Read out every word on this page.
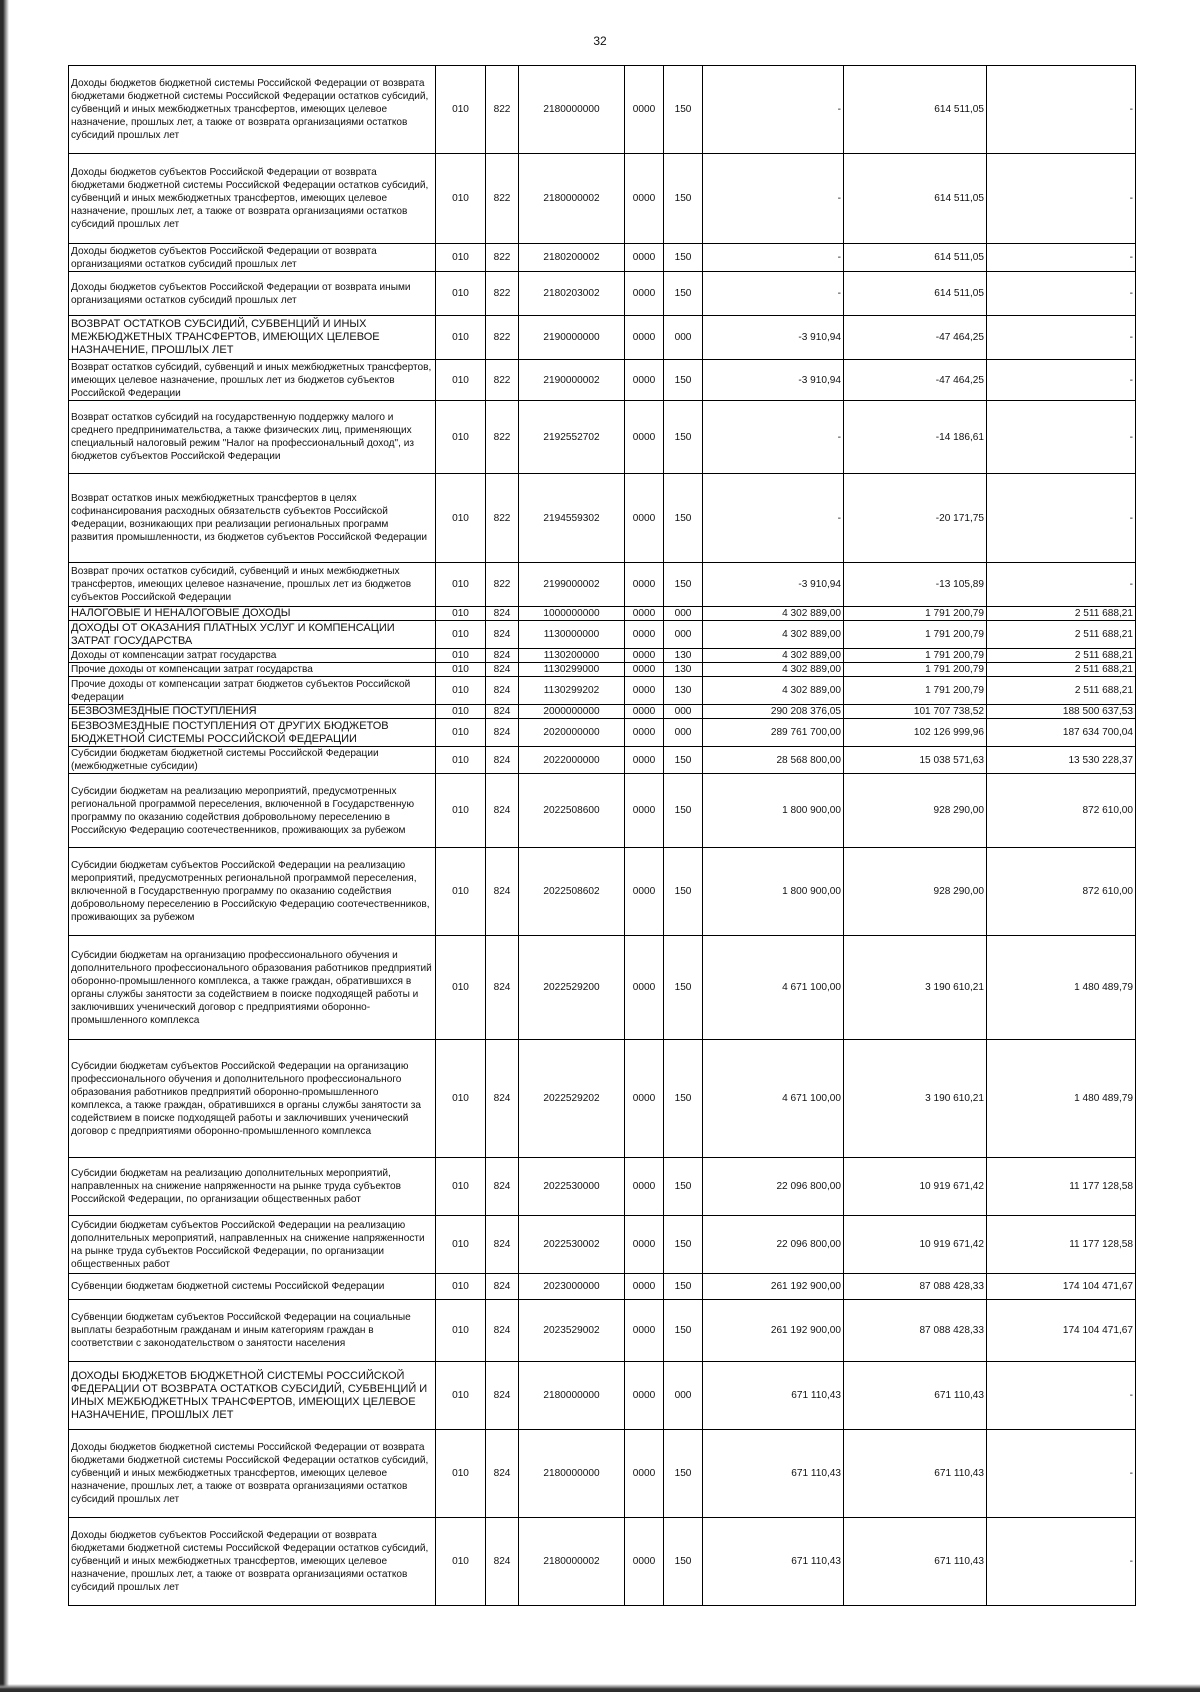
32
Доходы бюджетов бюджетной системы Российской Федерации от возврата бюджетами бюджетной системы Российской Федерации остатков субсидий, субвенций и иных межбюджетных трансфертов, имеющих целевое назначение, прошлых лет, а также от возврата организациями остатков субсидий прошлых лет	010	822	2180000000	0000	150	-	614 511,05	-
Доходы бюджетов субъектов Российской Федерации от возврата бюджетами бюджетной системы Российской Федерации остатков субсидий, субвенций и иных межбюджетных трансфертов, имеющих целевое назначение, прошлых лет, а также от возврата организациями остатков субсидий прошлых лет	010	822	2180000002	0000	150	-	614 511,05	-
Доходы бюджетов субъектов Российской Федерации от возврата организациями остатков субсидий прошлых лет	010	822	2180200002	0000	150	-	614 511,05	-
Доходы бюджетов субъектов Российской Федерации от возврата иными организациями остатков субсидий прошлых лет	010	822	2180203002	0000	150	-	614 511,05	-
ВОЗВРАТ ОСТАТКОВ СУБСИДИЙ, СУБВЕНЦИЙ И ИНЫХ МЕЖБЮДЖЕТНЫХ ТРАНСФЕРТОВ, ИМЕЮЩИХ ЦЕЛЕВОЕ НАЗНАЧЕНИЕ, ПРОШЛЫХ ЛЕТ	010	822	2190000000	0000	000	-3 910,94	-47 464,25	-
Возврат остатков субсидий, субвенций и иных межбюджетных трансфертов, имеющих целевое назначение, прошлых лет из бюджетов субъектов Российской Федерации	010	822	2190000002	0000	150	-3 910,94	-47 464,25	-
Возврат остатков субсидий на государственную поддержку малого и среднего предпринимательства, а также физических лиц, применяющих специальный налоговый режим "Налог на профессиональный доход", из бюджетов субъектов Российской Федерации	010	822	2192552702	0000	150	-	-14 186,61	-
Возврат остатков иных межбюджетных трансфертов в целях софинансирования расходных обязательств субъектов Российской Федерации, возникающих при реализации региональных программ развития промышленности, из бюджетов субъектов Российской Федерации	010	822	2194559302	0000	150	-	-20 171,75	-
Возврат прочих остатков субсидий, субвенций и иных межбюджетных трансфертов, имеющих целевое назначение, прошлых лет из бюджетов субъектов Российской Федерации	010	822	2199000002	0000	150	-3 910,94	-13 105,89	-
НАЛОГОВЫЕ И НЕНАЛОГОВЫЕ ДОХОДЫ	010	824	1000000000	0000	000	4 302 889,00	1 791 200,79	2 511 688,21
ДОХОДЫ ОТ ОКАЗАНИЯ ПЛАТНЫХ УСЛУГ И КОМПЕНСАЦИИ ЗАТРАТ ГОСУДАРСТВА	010	824	1130000000	0000	000	4 302 889,00	1 791 200,79	2 511 688,21
Доходы от компенсации затрат государства	010	824	1130200000	0000	130	4 302 889,00	1 791 200,79	2 511 688,21
Прочие доходы от компенсации затрат государства	010	824	1130299000	0000	130	4 302 889,00	1 791 200,79	2 511 688,21
Прочие доходы от компенсации затрат бюджетов субъектов Российской Федерации	010	824	1130299202	0000	130	4 302 889,00	1 791 200,79	2 511 688,21
БЕЗВОЗМЕЗДНЫЕ ПОСТУПЛЕНИЯ	010	824	2000000000	0000	000	290 208 376,05	101 707 738,52	188 500 637,53
БЕЗВОЗМЕЗДНЫЕ ПОСТУПЛЕНИЯ ОТ ДРУГИХ БЮДЖЕТОВ БЮДЖЕТНОЙ СИСТЕМЫ РОССИЙСКОЙ ФЕДЕРАЦИИ	010	824	2020000000	0000	000	289 761 700,00	102 126 999,96	187 634 700,04
Субсидии бюджетам бюджетной системы Российской Федерации (межбюджетные субсидии)	010	824	2022000000	0000	150	28 568 800,00	15 038 571,63	13 530 228,37
Субсидии бюджетам на реализацию мероприятий, предусмотренных региональной программой переселения, включенной в Государственную программу по оказанию содействия добровольному переселению в Российскую Федерацию соотечественников, проживающих за рубежом	010	824	2022508600	0000	150	1 800 900,00	928 290,00	872 610,00
Субсидии бюджетам субъектов Российской Федерации на реализацию мероприятий, предусмотренных региональной программой переселения, включенной в Государственную программу по оказанию содействия добровольному переселению в Российскую Федерацию соотечественников, проживающих за рубежом	010	824	2022508602	0000	150	1 800 900,00	928 290,00	872 610,00
Субсидии бюджетам на организацию профессионального обучения и дополнительного профессионального образования работников предприятий оборонно-промышленного комплекса, а также граждан, обратившихся в органы службы занятости за содействием в поиске подходящей работы и заключивших ученический договор с предприятиями оборонно-промышленного комплекса	010	824	2022529200	0000	150	4 671 100,00	3 190 610,21	1 480 489,79
Субсидии бюджетам субъектов Российской Федерации на организацию профессионального обучения и дополнительного профессионального образования работников предприятий оборонно-промышленного комплекса, а также граждан, обратившихся в органы службы занятости за содействием в поиске подходящей работы и заключивших ученический договор с предприятиями оборонно-промышленного комплекса	010	824	2022529202	0000	150	4 671 100,00	3 190 610,21	1 480 489,79
Субсидии бюджетам на реализацию дополнительных мероприятий, направленных на снижение напряженности на рынке труда субъектов Российской Федерации, по организации общественных работ	010	824	2022530000	0000	150	22 096 800,00	10 919 671,42	11 177 128,58
Субсидии бюджетам субъектов Российской Федерации на реализацию дополнительных мероприятий, направленных на снижение напряженности на рынке труда субъектов Российской Федерации, по организации общественных работ	010	824	2022530002	0000	150	22 096 800,00	10 919 671,42	11 177 128,58
Субвенции бюджетам бюджетной системы Российской Федерации	010	824	2023000000	0000	150	261 192 900,00	87 088 428,33	174 104 471,67
Субвенции бюджетам субъектов Российской Федерации на социальные выплаты безработным гражданам и иным категориям граждан в соответствии с законодательством о занятости населения	010	824	2023529002	0000	150	261 192 900,00	87 088 428,33	174 104 471,67
ДОХОДЫ БЮДЖЕТОВ БЮДЖЕТНОЙ СИСТЕМЫ РОССИЙСКОЙ ФЕДЕРАЦИИ ОТ ВОЗВРАТА ОСТАТКОВ СУБСИДИЙ, СУБВЕНЦИЙ И ИНЫХ МЕЖБЮДЖЕТНЫХ ТРАНСФЕРТОВ, ИМЕЮЩИХ ЦЕЛЕВОЕ НАЗНАЧЕНИЕ, ПРОШЛЫХ ЛЕТ	010	824	2180000000	0000	000	671 110,43	671 110,43	-
Доходы бюджетов бюджетной системы Российской Федерации от возврата бюджетами бюджетной системы Российской Федерации остатков субсидий, субвенций и иных межбюджетных трансфертов, имеющих целевое назначение, прошлых лет, а также от возврата организациями остатков субсидий прошлых лет	010	824	2180000000	0000	150	671 110,43	671 110,43	-
Доходы бюджетов субъектов Российской Федерации от возврата бюджетами бюджетной системы Российской Федерации остатков субсидий, субвенций и иных межбюджетных трансфертов, имеющих целевое назначение, прошлых лет, а также от возврата организациями остатков субсидий прошлых лет	010	824	2180000002	0000	150	671 110,43	671 110,43	-
